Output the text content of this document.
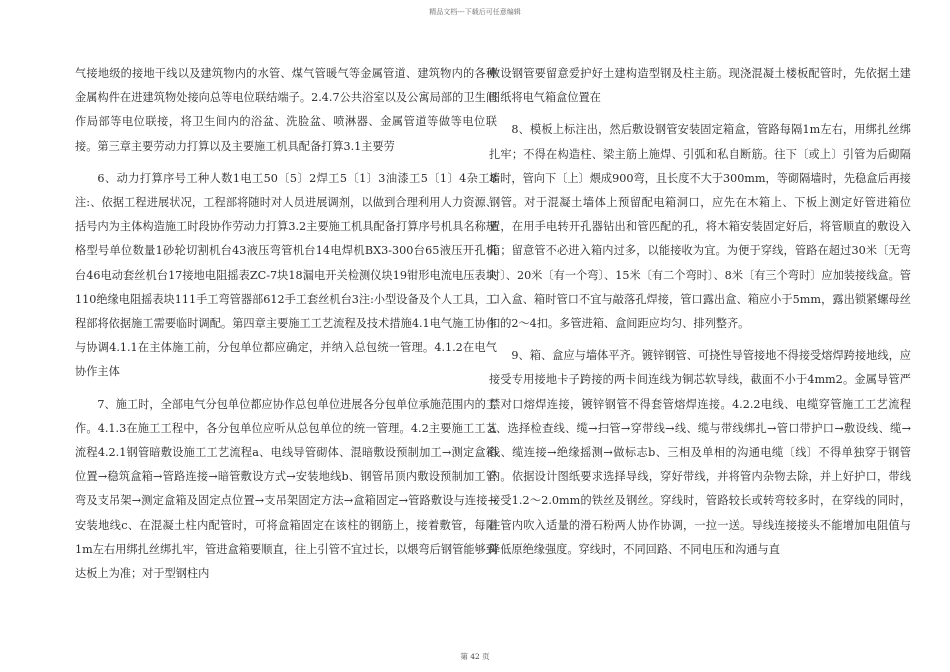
精品文档---下载后可任意编辑

气接地级的接地干线以及建筑物内的水管、煤气管暖气等金属管道、建筑物内的各种金属构件在进建筑物处接向总等电位联结端子。2.4.7公共浴室以及公寓局部的卫生间作局部等电位联接，将卫生间内的浴盆、洗脸盆、喷淋器、金属管道等做等电位联接。第三章主要劳动力打算以及主要施工机具配备打算3.1主要劳

6、动力打算序号工种人数1电工50〔5〕2焊工5〔1〕3油漆工5〔1〕4杂工8注:、依据工程进展状况，工程部将随时对人员进展调剂，以做到合理利用人力资源、括号内为主体构造施工时段协作劳动力打算3.2主要施工机具配备打算序号机具名称规格型号单位数量1砂轮切割机台43液压弯管机台14电焊机BX3-300台65液压开孔机台46电动套丝机台17接地电阻摇表ZC-7块18漏电开关检测仪块19钳形电流电压表块110绝缘电阻摇表块111手工弯管器部612手工套丝机台3注:小型设备及个人工具，工程部将依据施工需要临时调配。第四章主要施工工艺流程及技术措施4.1电气施工协作与协调4.1.1在主体施工前，分包单位都应确定，并纳入总包统一管理。4.1.2在电气协作主体

7、施工时，全部电气分包单位都应协作总包单位进展各分包单位承施范围内的工作。4.1.3在施工工程中，各分包单位应听从总包单位的统一管理。4.2主要施工工艺流程4.2.1钢管暗敷设施工工艺流程a、电线导管砌体、混暗敷设预制加工→测定盒箱位置→稳筑盒箱→管路连接→暗管敷设方式→安装地线b、钢管吊顶内敷设预制加工管弯及支吊架→测定盒箱及固定点位置→支吊架固定方法→盒箱固定→管路敷设与连接→安装地线c、在混凝土柱内配管时，可将盒箱固定在该柱的钢筋上，接着敷管，每隔1m左右用绑扎丝绑扎牢，管进盒箱要顺直，往上引管不宜过长，以煨弯后钢管能够到达板上为准；对于型钢柱内

敷设钢管要留意爱护好土建构造型钢及柱主筋。现浇混凝土楼板配管时，先依据土建图纸将电气箱盒位置在

8、模板上标注出，然后敷设钢管安装固定箱盒，管路每隔1m左右，用绑扎丝绑扎牢；不得在构造柱、梁主筋上施焊、引弧和私自断筋。往下〔或上〕引管为后砌隔墙时，管向下〔上〕煨成900弯，且长度不大于300mm，等砌隔墙时，先稳盒后再接钢管。对于混凝土墙体上预留配电箱洞口，应先在木箱上、下板上测定好管进箱位置，在用手电转开孔器钻出和管匹配的孔，将木箱安装固定好后，将管顺直的敷设入箱；留意管不必进入箱内过多，以能接收为宜。为便于穿线，管路在超过30米〔无弯时〕、20米〔有一个弯〕、15米〔有二个弯时〕、8米〔有三个弯时〕应加装接线盒。管口入盒、箱时管口不宜与敲落孔焊接，管口露出盒、箱应小于5mm，露出锁紧螺母丝扣的2～4扣。多管进箱、盒间距应均匀、排列整齐。

9、箱、盒应与墙体平齐。镀锌钢管、可挠性导管接地不得接受熔焊跨接地线，应接受专用接地卡子跨接的两卡间连线为铜芯软导线，截面不小于4mm2。金属导管严禁对口熔焊连接，镀锌钢管不得套管熔焊连接。4.2.2电线、电缆穿管施工工艺流程a、选择检查线、缆→扫管→穿带线→线、缆与带线绑扎→管口带护口→敷设线、缆→线、缆连接→绝缘摇测→做标志b、三相及单相的沟通电缆〔线〕不得单独穿于钢管内。依据设计图纸要求选择导线，穿好带线，并将管内杂物去除，并上好护口，带线接受1.2～2.0mm的铁丝及钢丝。穿线时，管路较长或转弯较多时，在穿线的同时，往管内吹入适量的滑石粉两人协作协调，一拉一送。导线连接接头不能增加电阻值与降低原绝缘强度。穿线时，不同回路、不同电压和沟通与直

第 42 页
